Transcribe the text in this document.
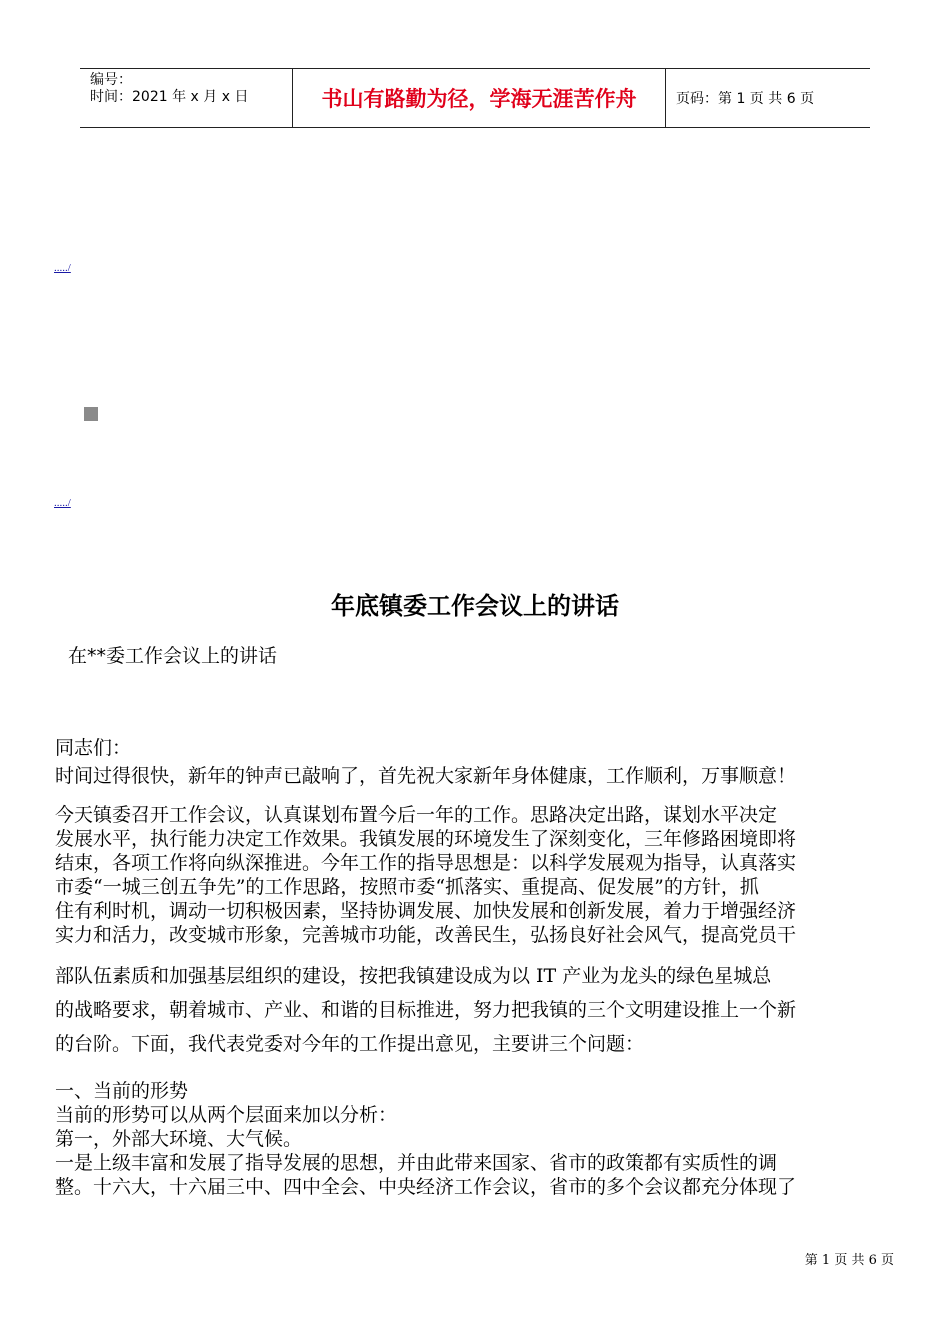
编号：
时间：2021 年 x 月 x 日	书山有路勤为径，学海无涯苦作舟	页码：第 1 页 共 6 页
...../
...../
年底镇委工作会议上的讲话
在**委工作会议上的讲话
同志们：
时间过得很快，新年的钟声已敲响了，首先祝大家新年身体健康，工作顺利，万事顺意！
今天镇委召开工作会议，认真谋划布置今后一年的工作。思路决定出路，谋划水平决定
发展水平，执行能力决定工作效果。我镇发展的环境发生了深刻变化，三年修路困境即将
结束，各项工作将向纵深推进。今年工作的指导思想是：以科学发展观为指导，认真落实
市委“一城三创五争先”的工作思路，按照市委“抓落实、重提高、促发展”的方针，抓
住有利时机，调动一切积极因素，坚持协调发展、加快发展和创新发展，着力于增强经济
实力和活力，改变城市形象，完善城市功能，改善民生，弘扬良好社会风气，提高党员干
部队伍素质和加强基层组织的建设，按把我镇建设成为以 IT 产业为龙头的绿色星城总
的战略要求，朝着城市、产业、和谐的目标推进，努力把我镇的三个文明建设推上一个新
的台阶。下面，我代表党委对今年的工作提出意见，主要讲三个问题：
一、当前的形势
当前的形势可以从两个层面来加以分析：
第一，外部大环境、大气候。
一是上级丰富和发展了指导发展的思想，并由此带来国家、省市的政策都有实质性的调
整。十六大，十六届三中、四中全会、中央经济工作会议，省市的多个会议都充分体现了
第 1 页 共 6 页
